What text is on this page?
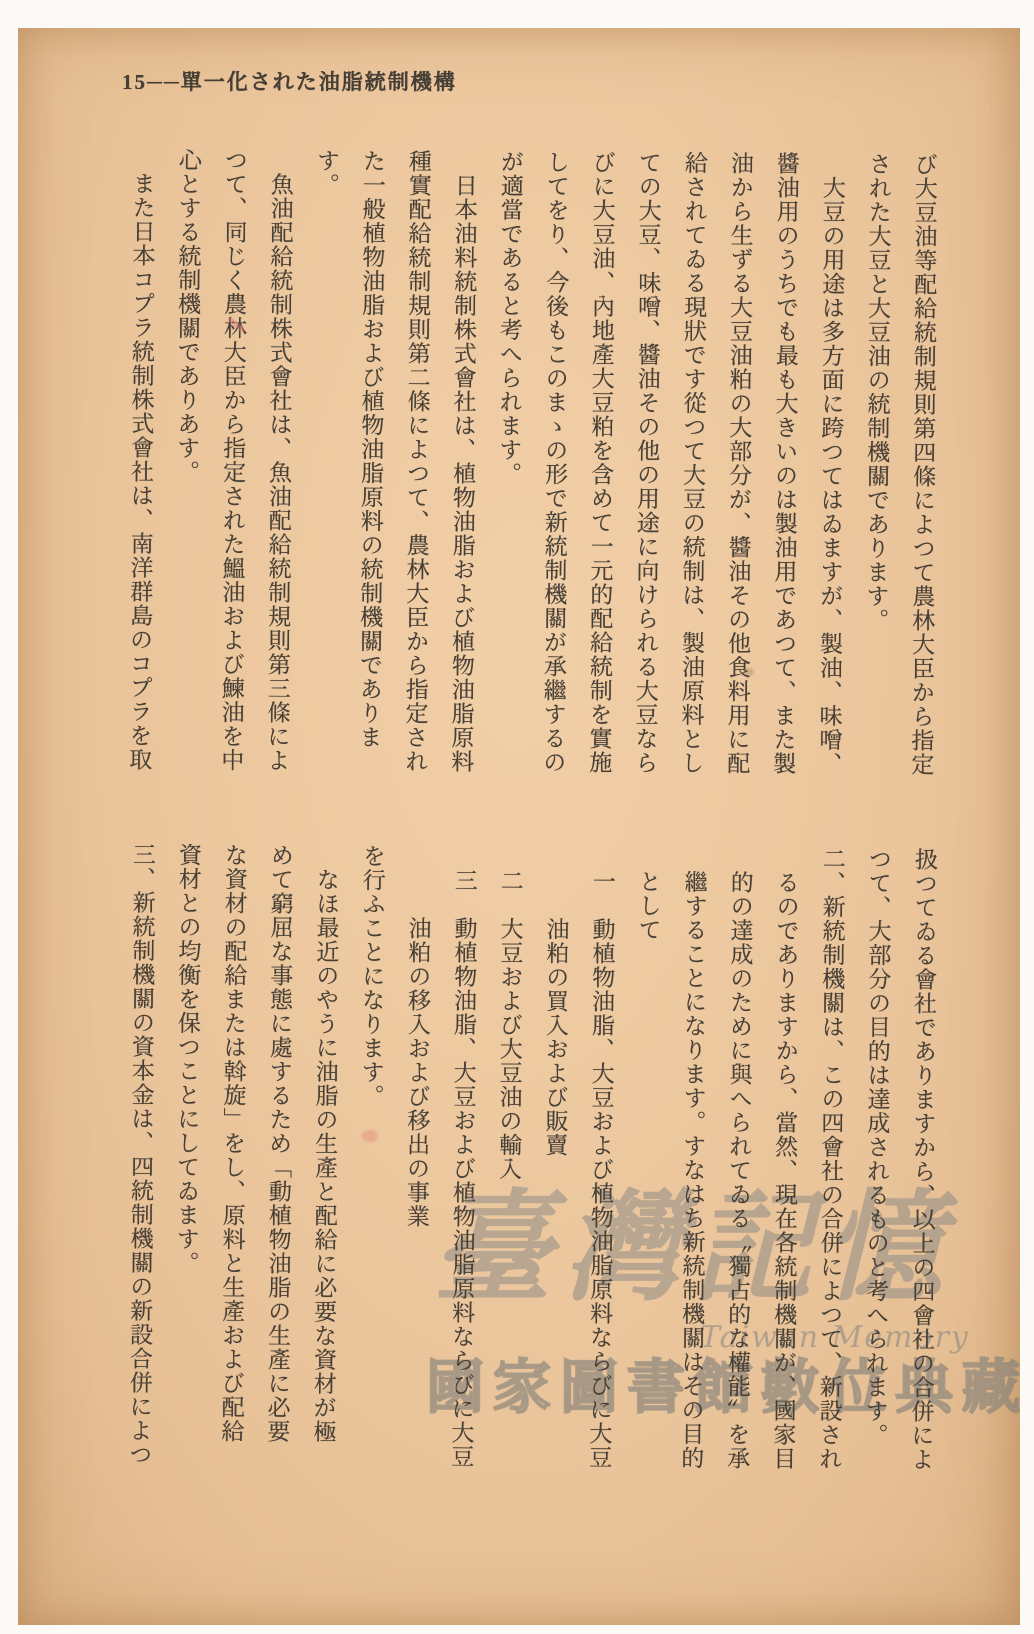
臺灣記憶
Taiwan Memory
15──單一化された油脂統制機構
び大豆油等配給統制規則第四條によつて農林大臣から指定
された大豆と大豆油の統制機關であります。
　大豆の用途は多方面に跨つてはゐますが、製油、味噌、
醬油用のうちでも最も大きいのは製油用であつて、また製
油から生ずる大豆油粕の大部分が、醬油その他食料用に配
給されてゐる現狀です從つて大豆の統制は、製油原料とし
ての大豆、味噌、醬油その他の用途に向けられる大豆なら
びに大豆油、內地產大豆粕を含めて一元的配給統制を實施
してをり、今後もこのまゝの形で新統制機關が承繼するの
が適當であると考へられます。
　日本油料統制株式會社は、植物油脂および植物油脂原料
種實配給統制規則第二條によつて、農林大臣から指定され
た一般植物油脂および植物油脂原料の統制機關でありま
す。
　魚油配給統制株式會社は、魚油配給統制規則第三條によ
つて、同じく農林大臣から指定された鰮油および鰊油を中
心とする統制機關でありあす。
　また日本コプラ統制株式會社は、南洋群島のコプラを取
扱つてゐる會社でありますから、以上の四會社の合併によ
つて、大部分の目的は達成されるものと考へられます。
二、新統制機關は、この四會社の合併によつて、新設され
　るのでありますから、當然、現在各統制機關が、國家目
　的の達成のために與へられてゐる〝獨占的な權能〟を承
　繼することになります。すなはち新統制機關はその目的
　として
　一　動植物油脂、大豆および植物油脂原料ならびに大豆
　　　油粕の買入および販賣
　二　大豆および大豆油の輸入
　三　動植物油脂、大豆および植物油脂原料ならびに大豆
　　　油粕の移入および移出の事業
を行ふことになります。
　なほ最近のやうに油脂の生產と配給に必要な資材が極
めて窮屈な事態に處するため「動植物油脂の生產に必要
な資材の配給または斡旋」をし、原料と生產および配給
資材との均衡を保つことにしてゐます。
三、新統制機關の資本金は、四統制機關の新設合併によつ
